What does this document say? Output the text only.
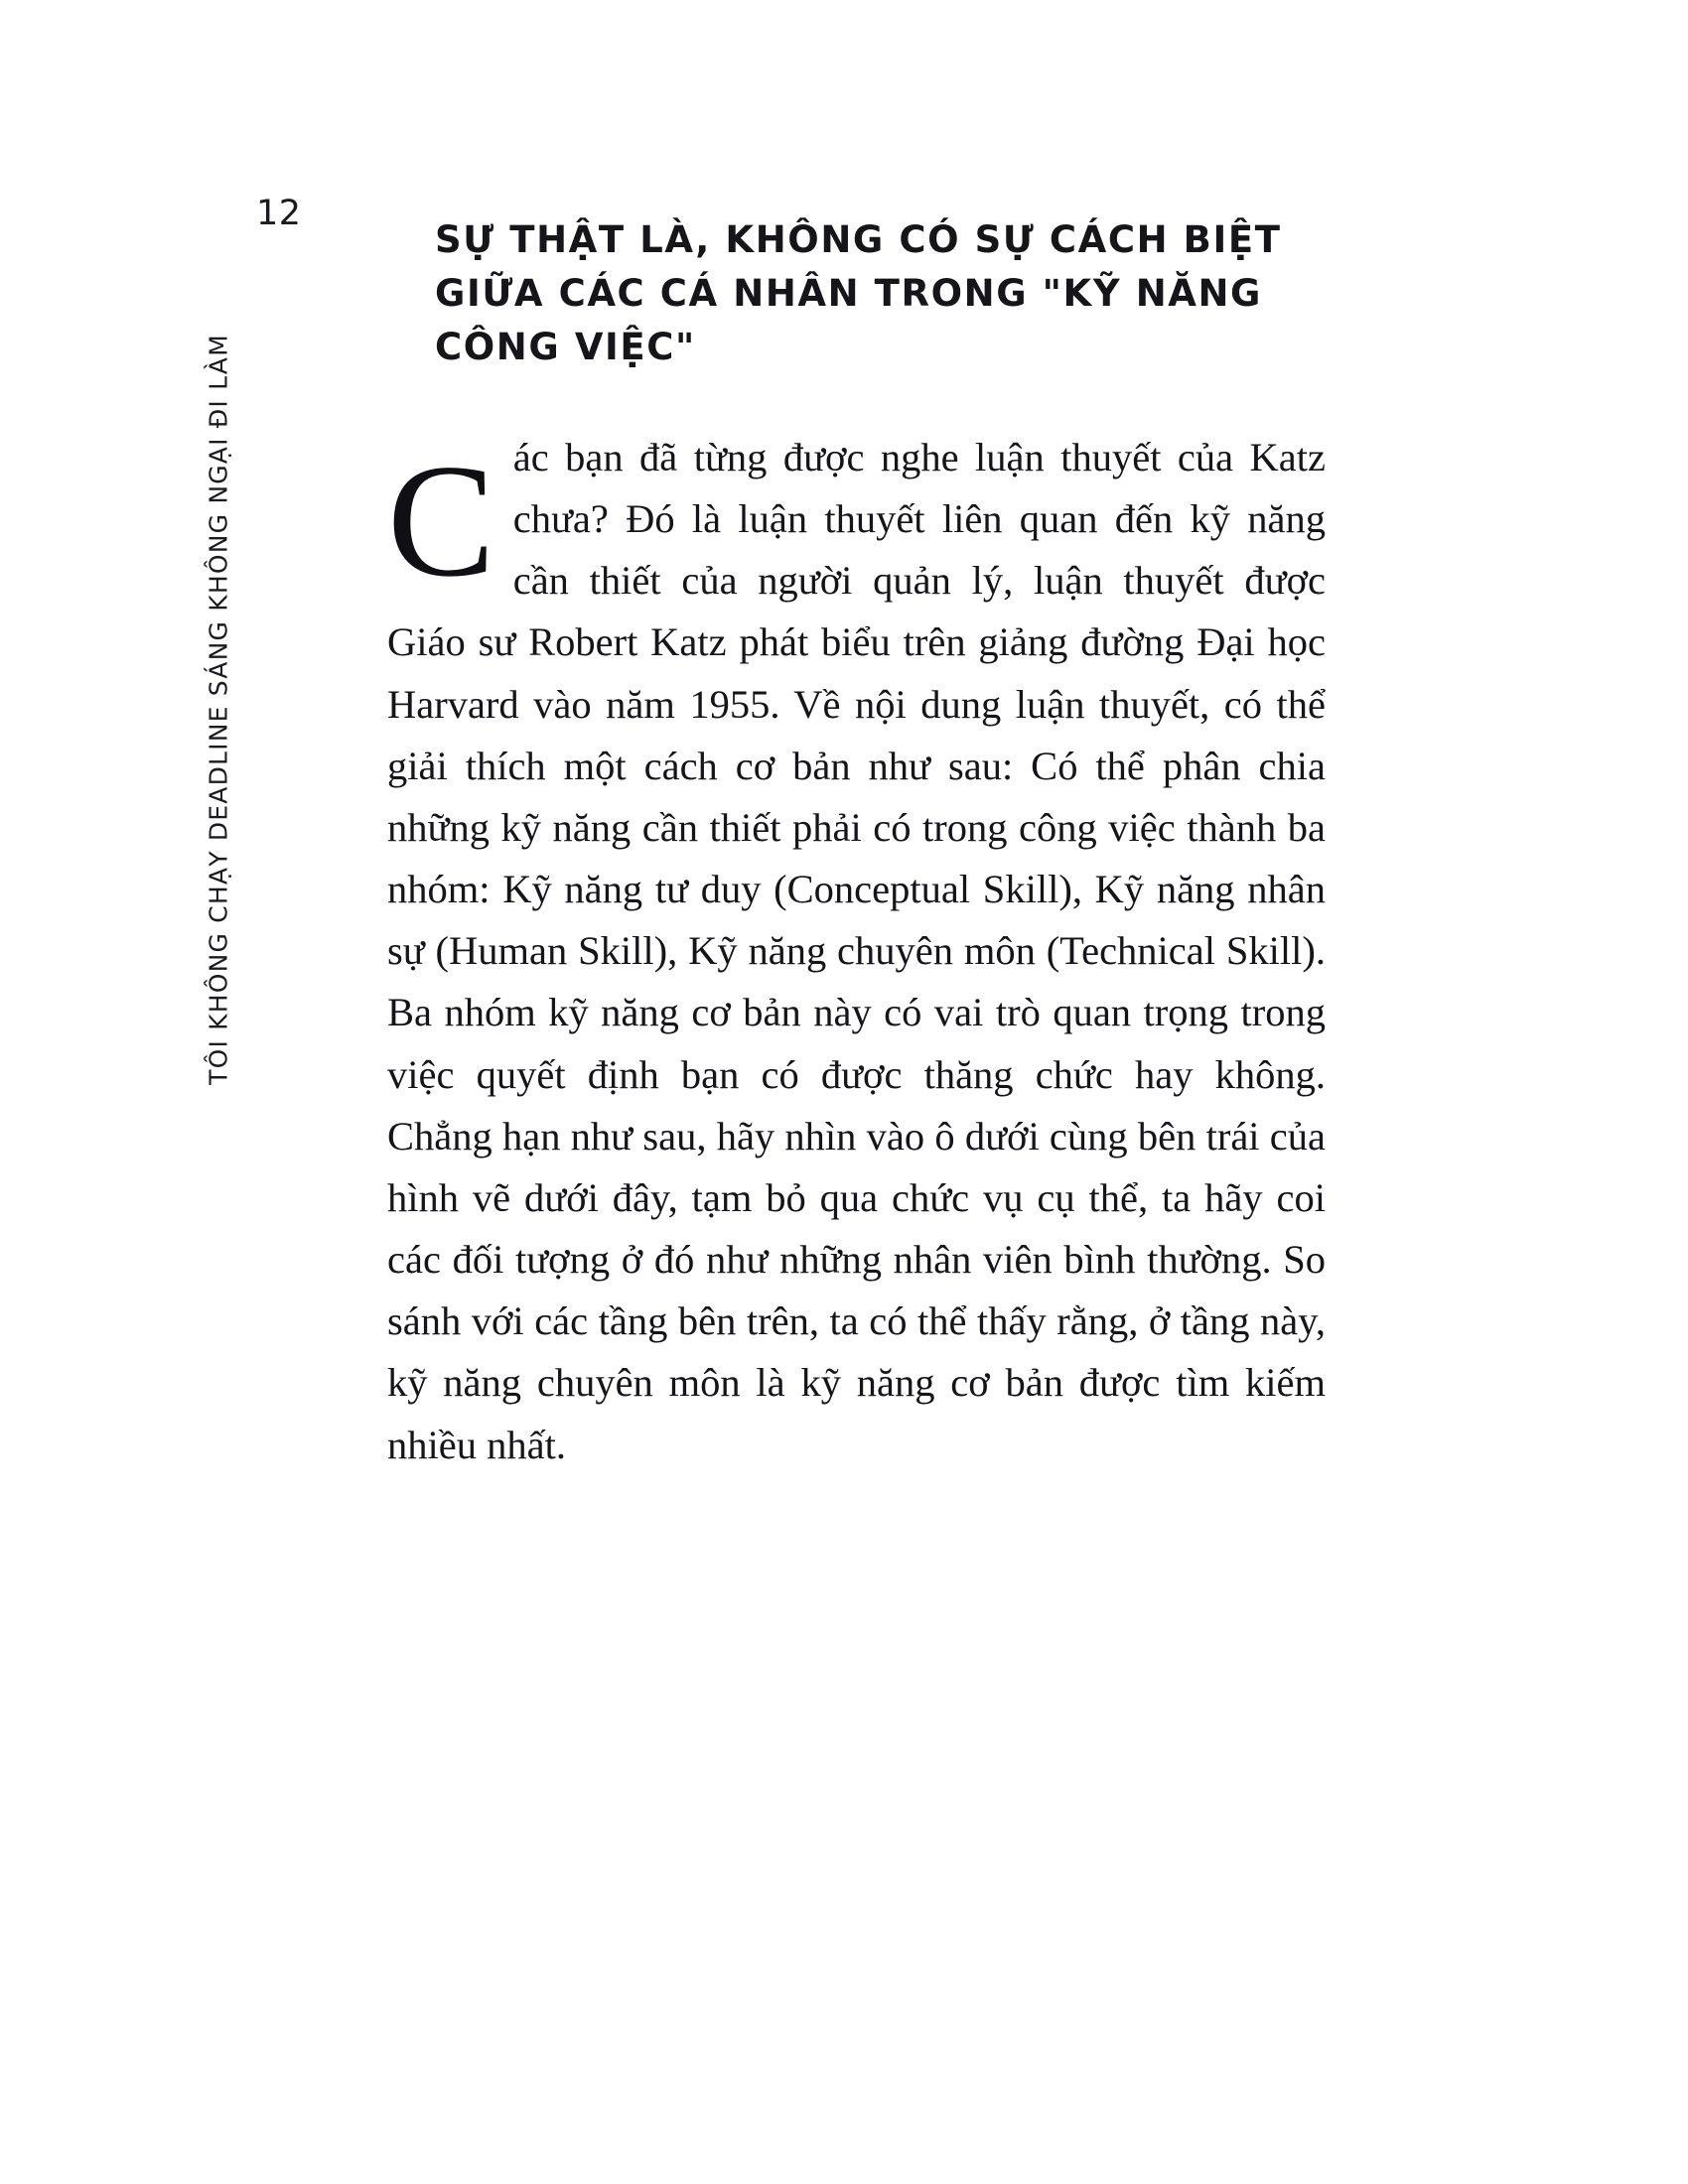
12
TÔI KHÔNG CHẠY DEADLINE SÁNG KHÔNG NGẠI ĐI LÀM
SỰ THẬT LÀ, KHÔNG CÓ SỰ CÁCH BIỆT GIỮA CÁC CÁ NHÂN TRONG "KỸ NĂNG CÔNG VIỆC"

Các bạn đã từng được nghe luận thuyết của Katz chưa? Đó là luận thuyết liên quan đến kỹ năng cần thiết của người quản lý, luận thuyết được Giáo sư Robert Katz phát biểu trên giảng đường Đại học Harvard vào năm 1955. Về nội dung luận thuyết, có thể giải thích một cách cơ bản như sau: Có thể phân chia những kỹ năng cần thiết phải có trong công việc thành ba nhóm: Kỹ năng tư duy (Conceptual Skill), Kỹ năng nhân sự (Human Skill), Kỹ năng chuyên môn (Technical Skill). Ba nhóm kỹ năng cơ bản này có vai trò quan trọng trong việc quyết định bạn có được thăng chức hay không. Chẳng hạn như sau, hãy nhìn vào ô dưới cùng bên trái của hình vẽ dưới đây, tạm bỏ qua chức vụ cụ thể, ta hãy coi các đối tượng ở đó như những nhân viên bình thường. So sánh với các tầng bên trên, ta có thể thấy rằng, ở tầng này, kỹ năng chuyên môn là kỹ năng cơ bản được tìm kiếm nhiều nhất.
